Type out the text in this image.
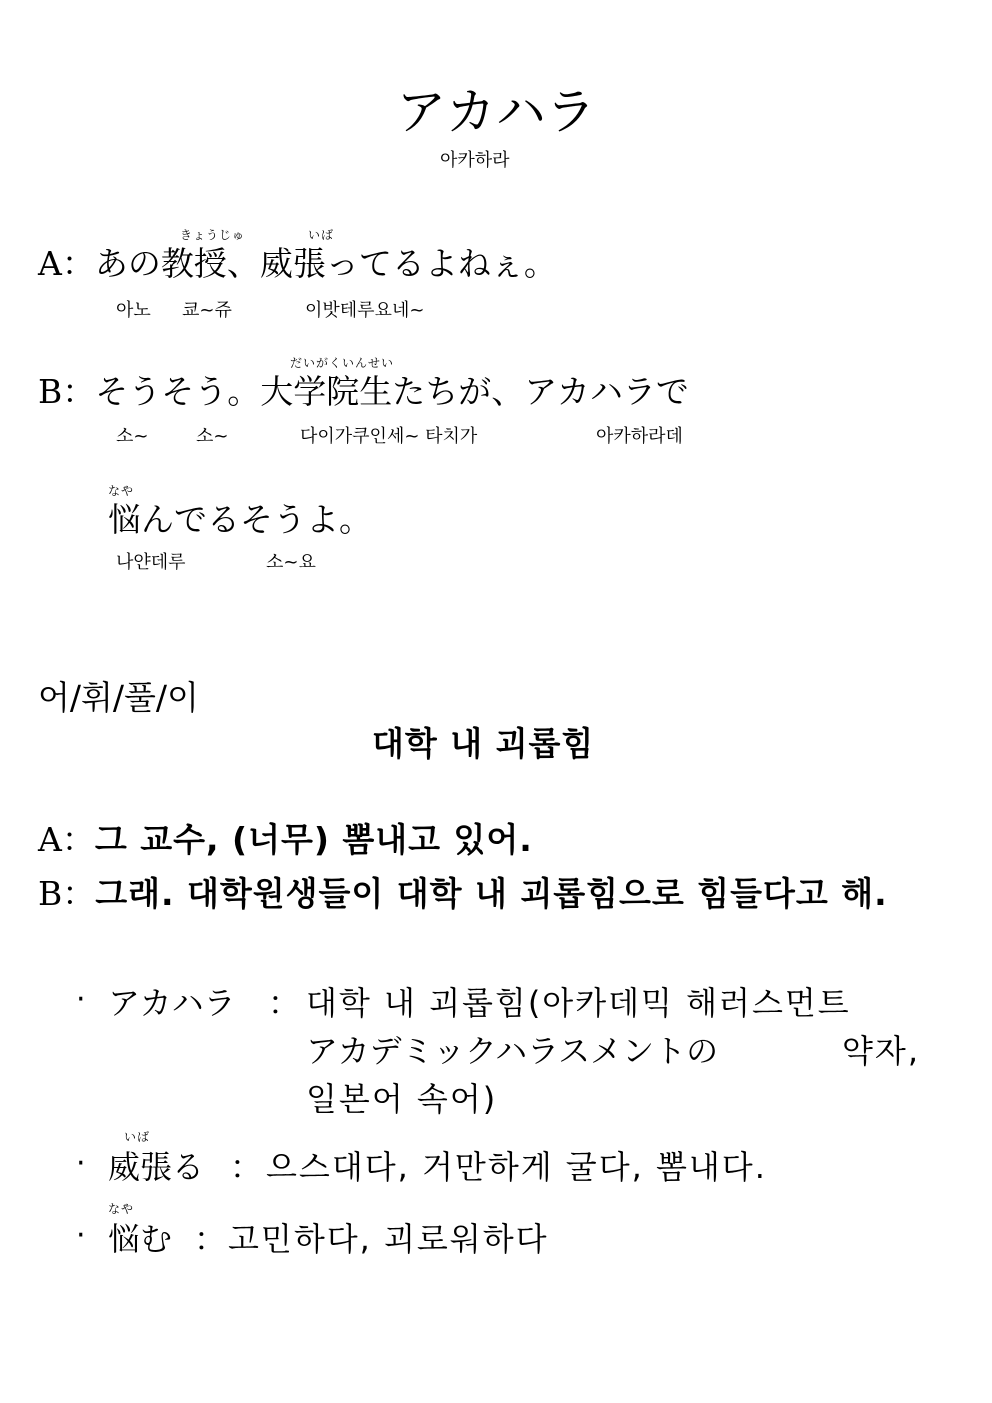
アカハラ
아카하라
きょうじゅ	いば
A：あの教授、威張ってるよねぇ。
아노 쿄~쥬	이밧테루요네~
だいがくいんせい
B：そうそう。大学院生たちが、アカハラで
소~	소~	다이가쿠인세~ 타치가	아카하라데
なや
悩んでるそうよ。
나얀데루	소~요
어/휘/풀/이
대학 내 괴롭힘
A：그 교수, (너무) 뽐내고 있어.
B：그래. 대학원생들이 대학 내 괴롭힘으로 힘들다고 해.
· アカハラ ： 대학 내 괴롭힘(아카데믹 해러스먼트
アカデミックハラスメントの	약자,
일본어 속어)
いば
· 威張る ： 으스대다, 거만하게 굴다, 뽐내다.
なや
· 悩む ： 고민하다, 괴로워하다
